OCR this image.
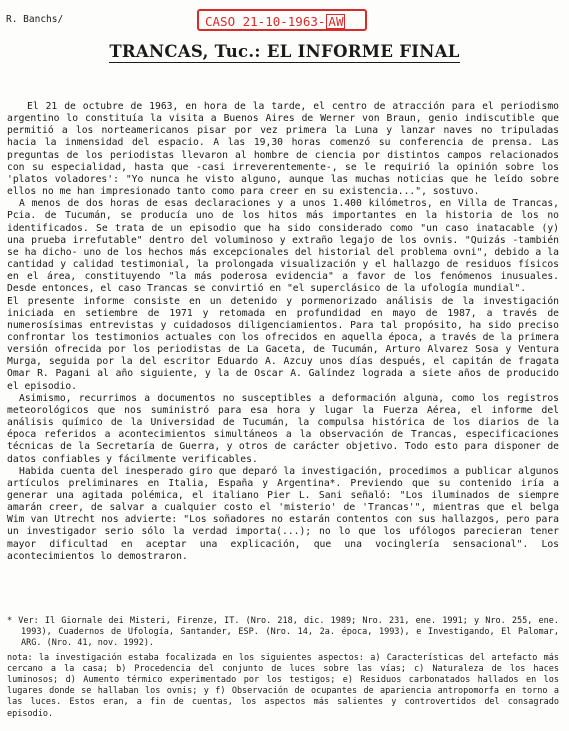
R. Banchs/	CASO 21-10-1963- AW
TRANCAS, Tuc.: EL INFORME FINAL

El 21 de octubre de 1963, en hora de la tarde, el centro de atracción para el periodismo argentino lo constituía la visita a Buenos Aires de Werner von Braun, genio indiscutible que permitió a los norteamericanos pisar por vez primera la Luna y lanzar naves no tripuladas hacia la inmensidad del espacio. A las 19,30 horas comenzó su conferencia de prensa. Las preguntas de los periodistas llevaron al hombre de ciencia por distintos campos relacionados con su especialidad, hasta que -casi irreverentemente-, se le requirió la opinión sobre los 'platos voladores': "Yo nunca he visto alguno, aunque las muchas noticias que he leído sobre ellos no me han impresionado tanto como para creer en su existencia...", sostuvo.

A menos de dos horas de esas declaraciones y a unos 1.400 kilómetros, en Villa de Trancas, Pcia. de Tucumán, se producía uno de los hitos más importantes en la historia de los no identificados. Se trata de un episodio que ha sido considerado como "un caso inatacable (y) una prueba irrefutable" dentro del voluminoso y extraño legajo de los ovnis. "Quizás -también se ha dicho- uno de los hechos más excepcionales del historial del problema ovni", debido a la cantidad y calidad testimonial, la prolongada visualización y el hallazgo de residuos físicos en el área, constituyendo "la más poderosa evidencia" a favor de los fenómenos inusuales. Desde entonces, el caso Trancas se convirtió en "el superclásico de la ufología mundial".

El presente informe consiste en un detenido y pormenorizado análisis de la investigación iniciada en setiembre de 1971 y retomada en profundidad en mayo de 1987, a través de numerosísimas entrevistas y cuidadosos diligenciamientos. Para tal propósito, ha sido preciso confrontar los testimonios actuales con los ofrecidos en aquella época, a través de la primera versión ofrecida por los periodistas de La Gaceta, de Tucumán, Arturo Alvarez Sosa y Ventura Murga, seguida por la del escritor Eduardo A. Azcuy unos días después, el capitán de fragata Omar R. Pagani al año siguiente, y la de Oscar A. Galíndez lograda a siete años de producido el episodio.

Asimismo, recurrimos a documentos no susceptibles a deformación alguna, como los registros meteorológicos que nos suministró para esa hora y lugar la Fuerza Aérea, el informe del análisis químico de la Universidad de Tucumán, la compulsa histórica de los diarios de la época referidos a acontecimientos simultáneos a la observación de Trancas, especificaciones técnicas de la Secretaría de Guerra, y otros de carácter objetivo. Todo esto para disponer de datos confiables y fácilmente verificables.

Habida cuenta del inesperado giro que deparó la investigación, procedimos a publicar algunos artículos preliminares en Italia, España y Argentina*. Previendo que su contenido iría a generar una agitada polémica, el italiano Pier L. Sani señaló: "Los iluminados de siempre amarán creer, de salvar a cualquier costo el 'misterio' de 'Trancas'", mientras que el belga Wim van Utrecht nos advierte: "Los soñadores no estarán contentos con sus hallazgos, pero para un investigador serio sólo la verdad importa(...); no lo que los ufólogos parecieran tener mayor dificultad en aceptar una explicación, que una vocinglería sensacional". Los acontecimientos lo demostraron.

* Ver: Il Giornale dei Misteri, Firenze, IT. (Nro. 218, dic. 1989; Nro. 231, ene. 1991; y Nro. 255, ene. 1993), Cuadernos de Ufología, Santander, ESP. (Nro. 14, 2a. época, 1993), e Investigando, El Palomar, ARG. (Nro. 41, nov. 1992).

nota: la investigación estaba focalizada en los siguientes aspectos: a) Características del artefacto más cercano a la casa; b) Procedencia del conjunto de luces sobre las vías; c) Naturaleza de los haces luminosos; d) Aumento térmico experimentado por los testigos; e) Residuos carbonatados hallados en los lugares donde se hallaban los ovnis; y f) Observación de ocupantes de apariencia antropomorfa en torno a las luces. Estos eran, a fin de cuentas, los aspectos más salientes y controvertidos del consagrado episodio.
